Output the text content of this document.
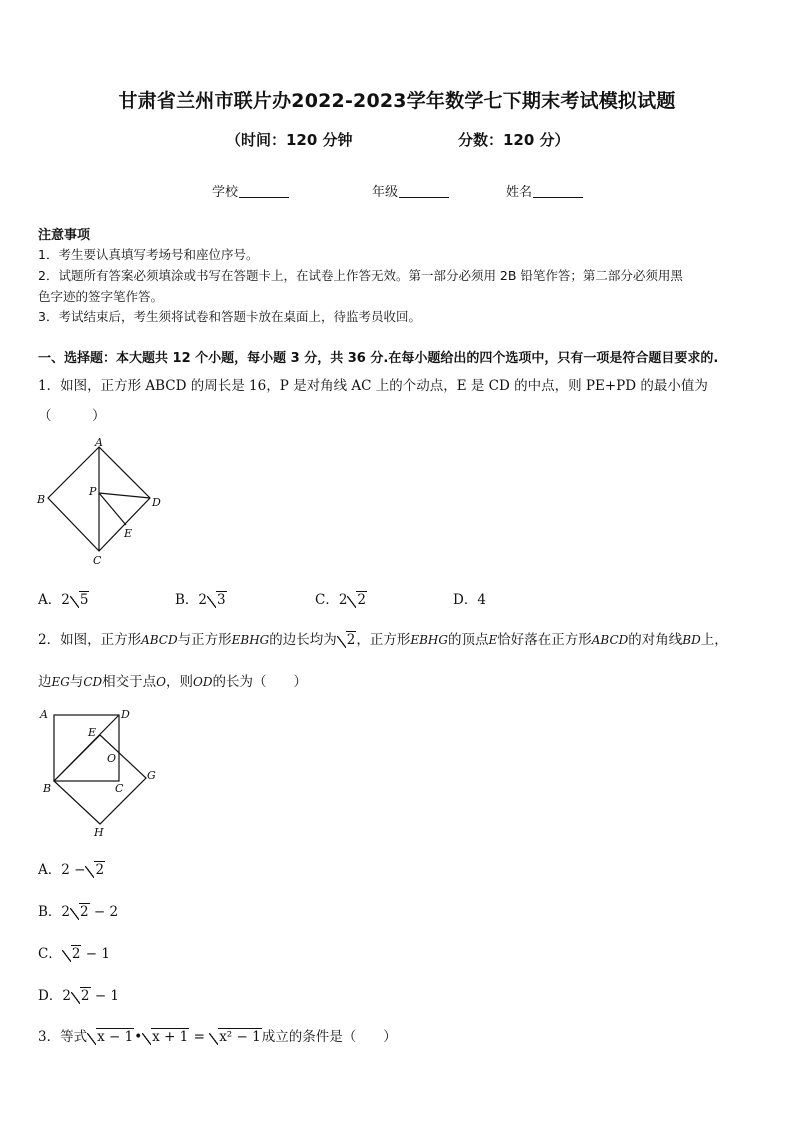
甘肃省兰州市联片办2022-2023学年数学七下期末考试模拟试题
（时间：120 分钟	分数：120 分）
学校	年级	姓名
注意事项
1．考生要认真填写考场号和座位序号。
2．试题所有答案必须填涂或书写在答题卡上，在试卷上作答无效。第一部分必须用 2B 铅笔作答；第二部分必须用黑
色字迹的签字笔作答。
3．考试结束后，考生须将试卷和答题卡放在桌面上，待监考员收回。
一、选择题：本大题共 12 个小题，每小题 3 分，共 36 分.在每小题给出的四个选项中，只有一项是符合题目要求的.
1．如图，正方形 ABCD 的周长是 16，P 是对角线 AC 上的个动点，E 是 CD 的中点，则 PE+PD 的最小值为
（　　　）
A
B
C
D
P
E
A．2 5	B．2 3	C．2 2	D．4
2．如图，正方形ABCD与正方形EBHG的边长均为 2，正方形EBHG的顶点E恰好落在正方形ABCD的对角线BD上，
边EG与CD相交于点O，则OD的长为（　　）
A	D
E
O
G
B	C
H
A．2 − 2
B．2 2 − 2
C． 2 − 1
D．2 2 − 1
3．等式 x − 1• x + 1 = x² − 1成立的条件是（　　）
